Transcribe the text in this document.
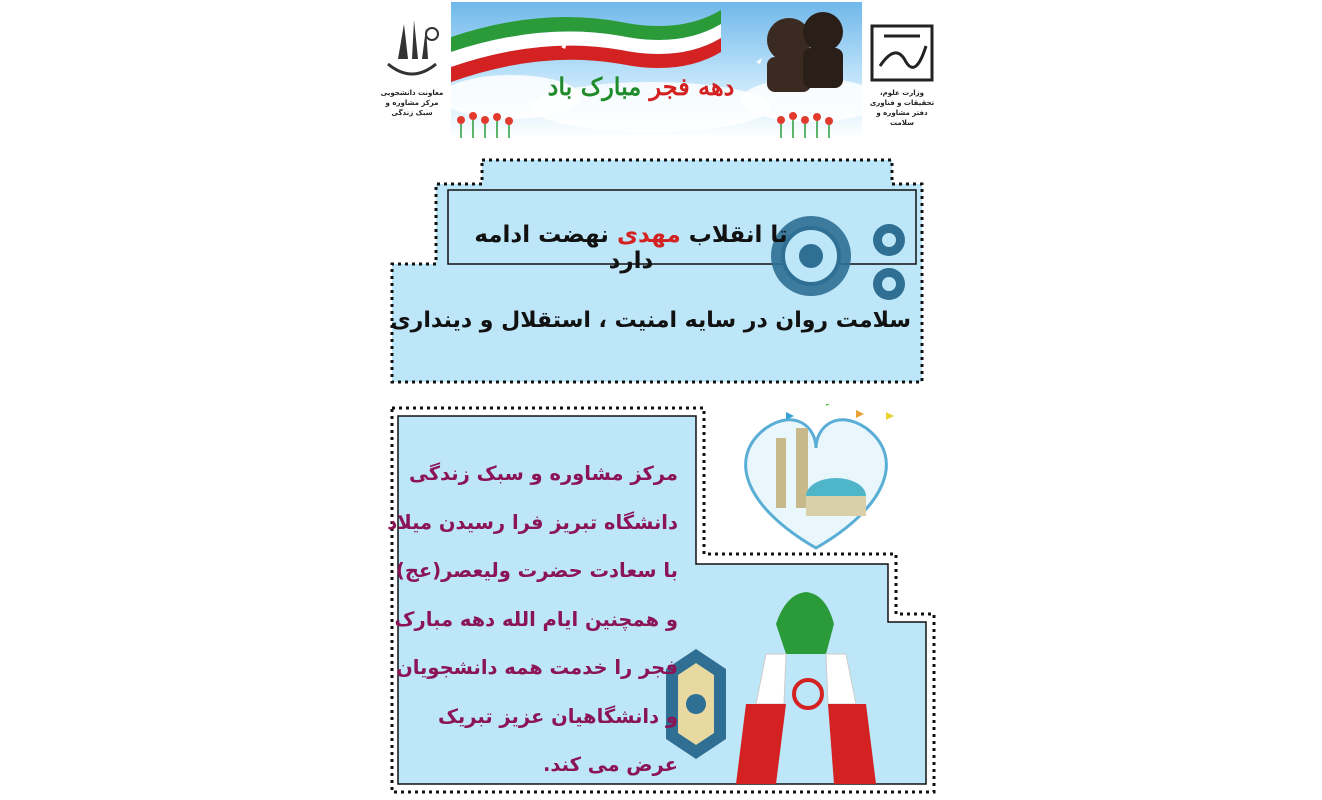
دهه فجر مبارک باد
معاونت دانشجویی
مرکز مشاوره و سبک زندگی
وزارت علوم، تحقیقات و فناوری
دفتر مشاوره و سلامت
تا انقلاب مهدی نهضت ادامه دارد
سلامت روان در سایه امنیت ، استقلال و دینداری
مرکز مشاوره و سبک زندگی
دانشگاه تبریز فرا رسیدن میلاد
با سعادت حضرت ولیعصر(عج)
و همچنین ایام الله دهه مبارک
فجر را خدمت همه دانشجویان
و دانشگاهیان عزیز تبریک
عرض می کند.
